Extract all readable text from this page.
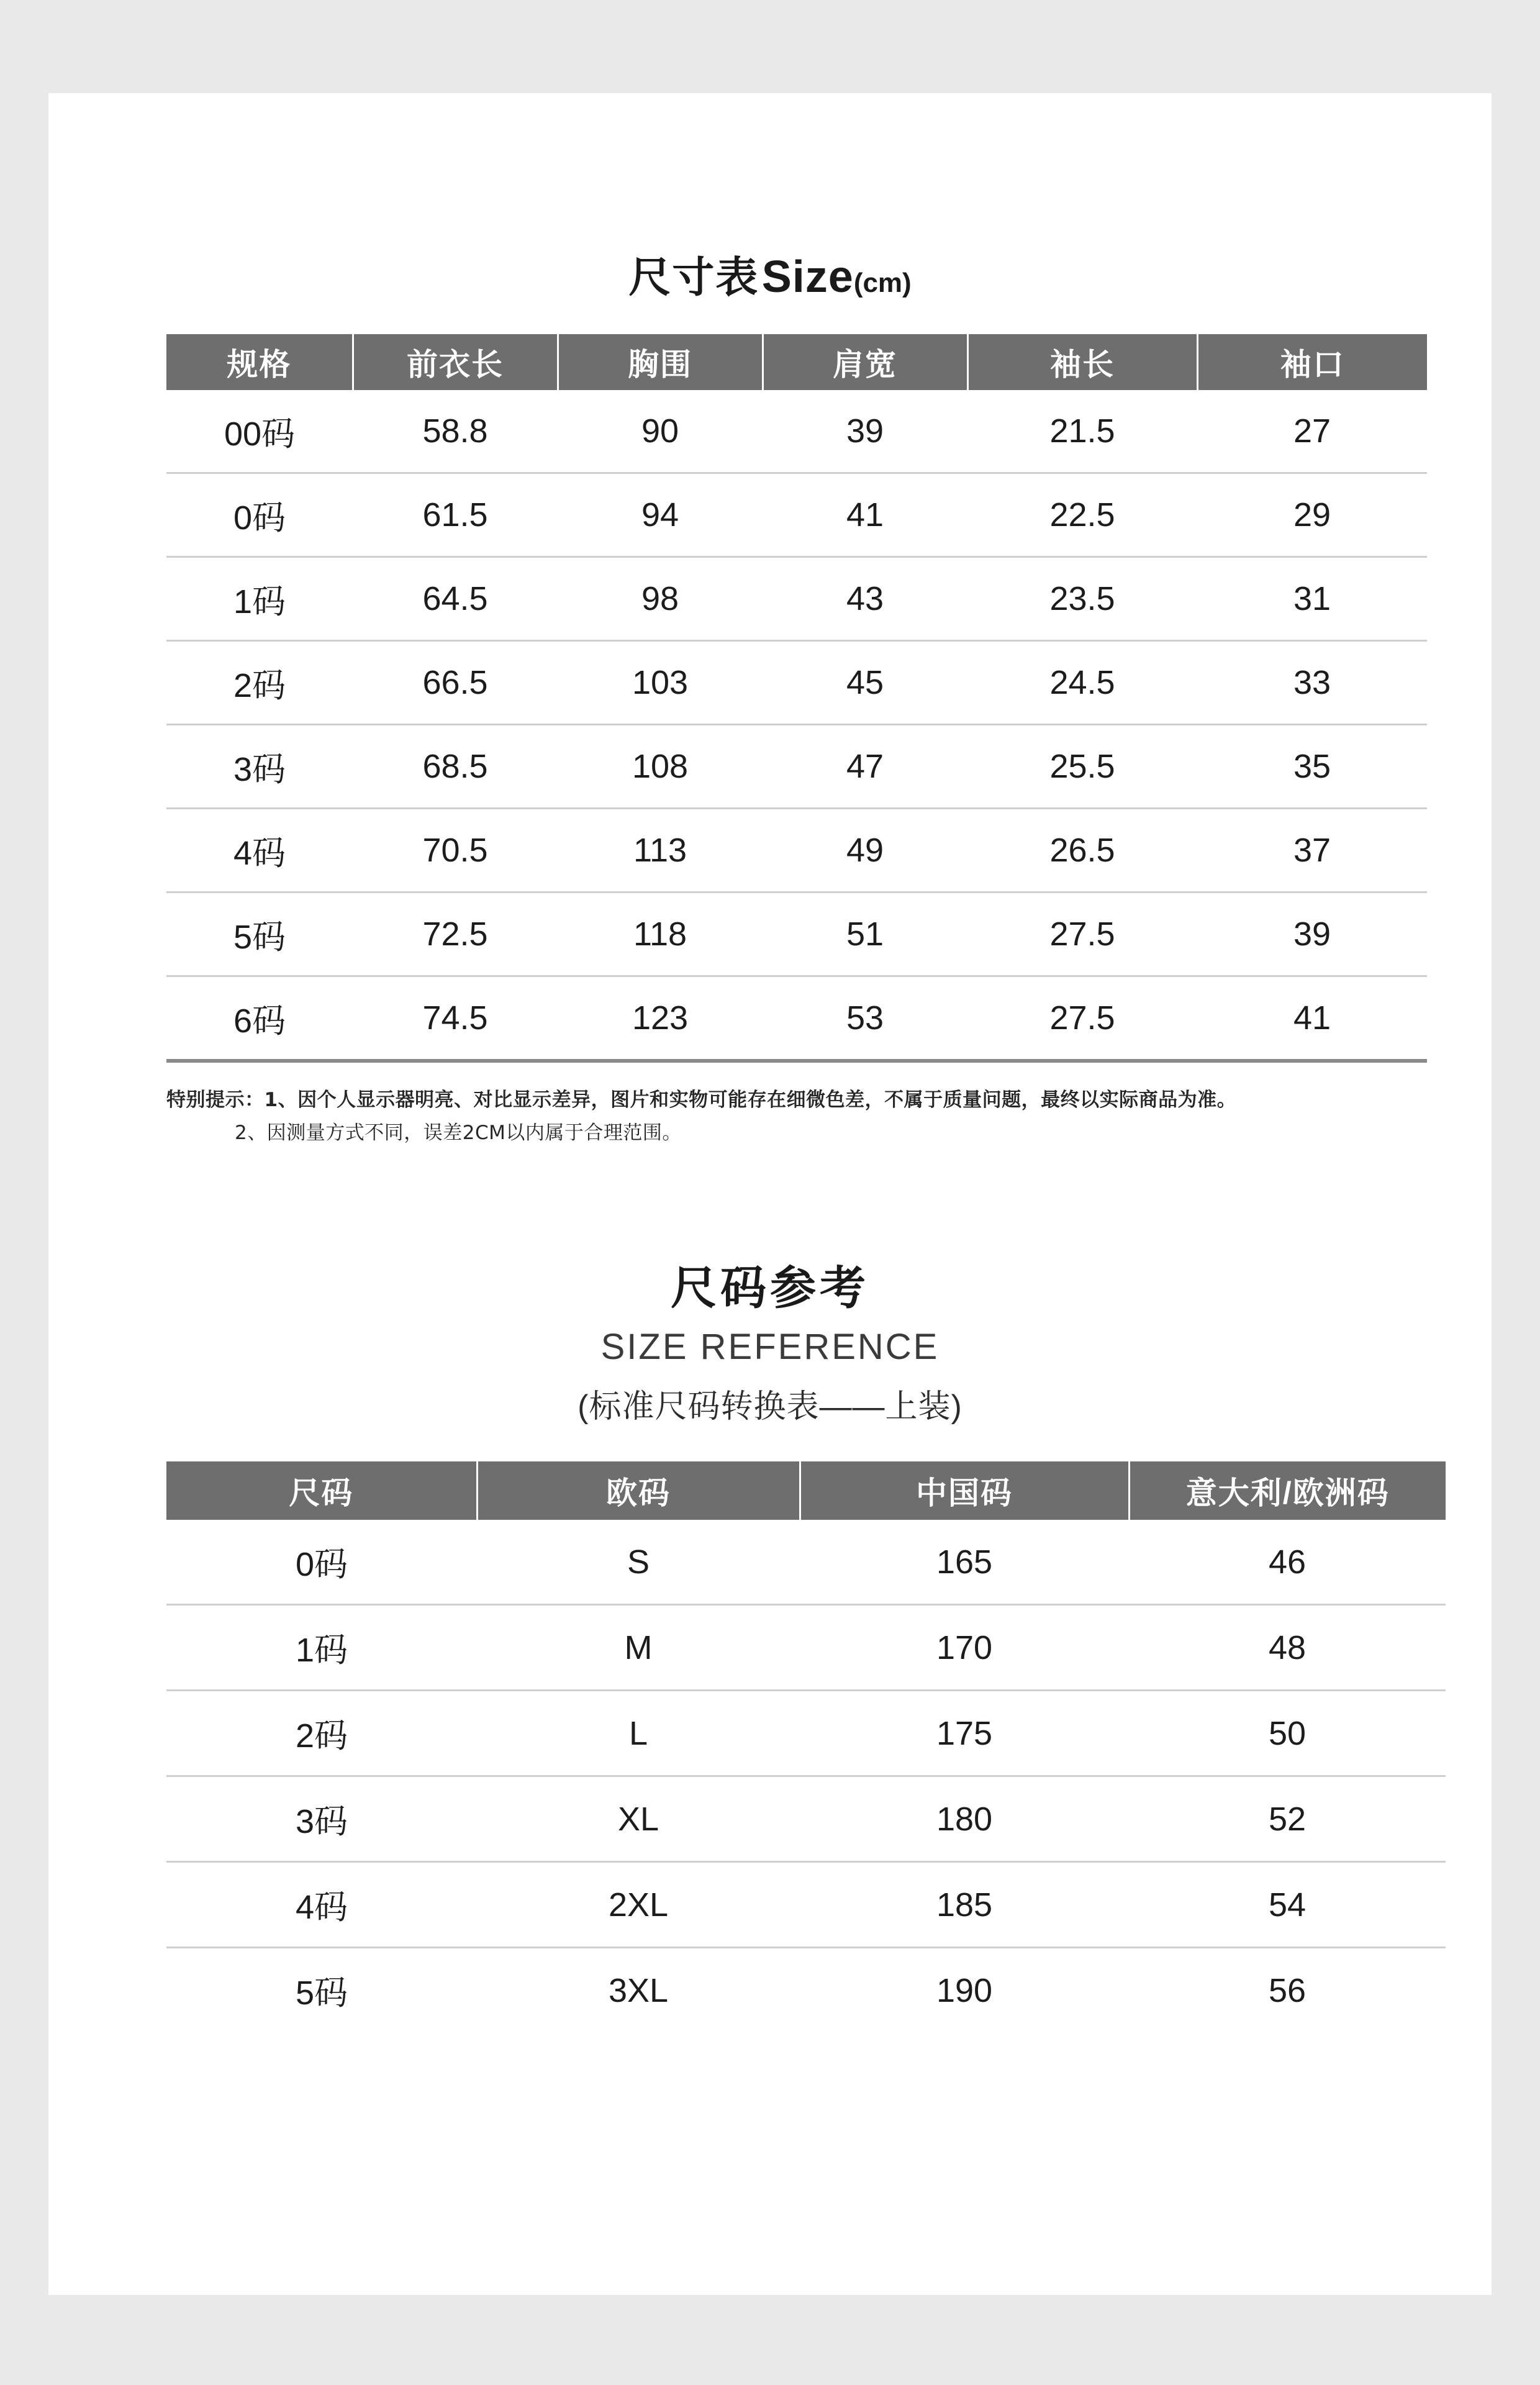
尺寸表 Size(cm)
规格	前衣长	胸围	肩宽	袖长	袖口
00码	58.8	90	39	21.5	27
0码	61.5	94	41	22.5	29
1码	64.5	98	43	23.5	31
2码	66.5	103	45	24.5	33
3码	68.5	108	47	25.5	35
4码	70.5	113	49	26.5	37
5码	72.5	118	51	27.5	39
6码	74.5	123	53	27.5	41
特别提示：1、因个人显示器明亮、对比显示差异，图片和实物可能存在细微色差，不属于质量问题，最终以实际商品为准。
2、因测量方式不同，误差2CM以内属于合理范围。
尺码参考
SIZE REFERENCE
(标准尺码转换表——上装)
尺码	欧码	中国码	意大利/欧洲码
0码	S	165	46
1码	M	170	48
2码	L	175	50
3码	XL	180	52
4码	2XL	185	54
5码	3XL	190	56
